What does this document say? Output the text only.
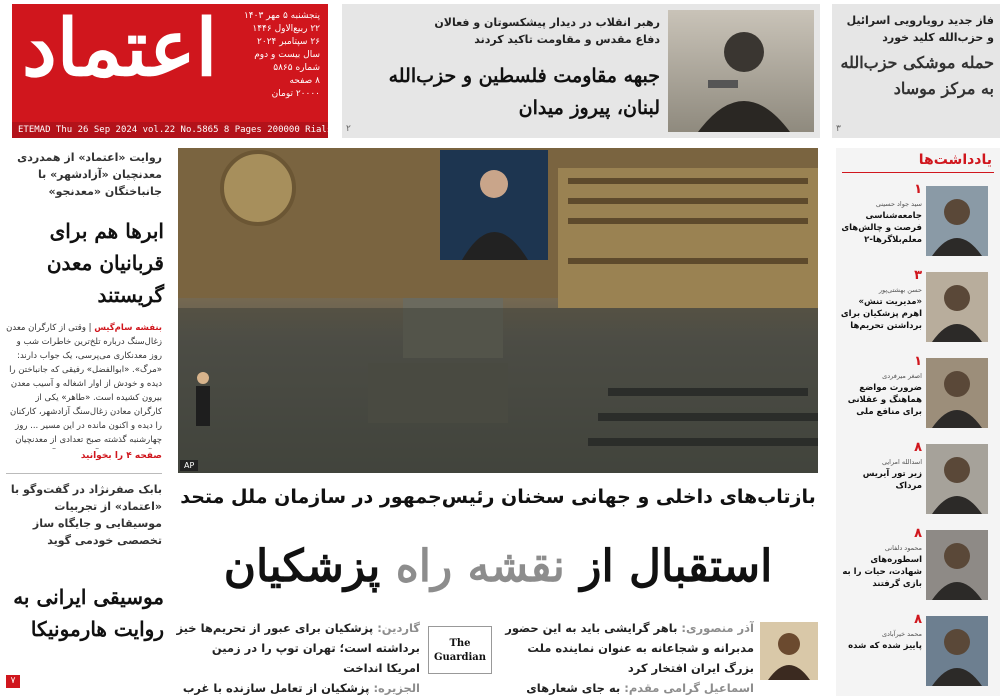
اعتماد	پنجشنبه ۵ مهر ۱۴۰۳
۲۲ ربیع‌الاول ۱۴۴۶
۲۶ سپتامبر ۲۰۲۴
سال بیست و دوم
شماره ۵۸۶۵
۸ صفحه
۲۰۰۰۰ تومان
ETEMAD Thu 26 Sep 2024 vol.22 No.5865 8 Pages 200000 Rials
رهبر انقلاب در دیدار پیشکسوتان و فعالان دفاع مقدس و مقاومت تاکید کردند
جبهه مقاومت فلسطین و حزب‌الله لبنان، پیروز میدان
۲
فاز جدید رویارویی اسرائیل و حزب‌الله کلید خورد
حمله موشکی حزب‌الله به مرکز موساد
۳
روایت «اعتماد» از همدردی معدنچیان «آزادشهر» با جانباختگان «معدنجو»
ابرها هم برای قربانیان معدن گریستند
بنفشه سام‌گیس | وقتی از کارگران معدن زغال‌سنگ درباره تلخ‌ترین خاطرات شب و روز معدنکاری می‌پرسی، یک جواب دارند: «مرگ». «ابوالفضل» رفیقی که جانباختن را دیده و خودش از اوار اشغاله و آسیب معدن بیرون کشیده است. «طاهر» یکی از کارگران معادن زغال‌سنگ آزادشهر، کارکنان را دیده و اکنون مانده در این مسیر ... روز چهارشنبه گذشته صبح تعدادی از معدنچیان
صفحه ۴ را بخوانید
بابک صفرنژاد در گفت‌وگو با «اعتماد» از تجربیات موسیقایی و جایگاه ساز تخصصی خودمی گوید
موسیقی ایرانی به روایت هارمونیکا
۷
AP
بازتاب‌های داخلی و جهانی سخنان رئیس‌جمهور در سازمان ملل متحد
استقبال از نقشه راه پزشکیان
The Guardian
گاردین: پزشکیان برای عبور از تحریم‌ها خیز برداشته است؛ تهران توپ را در زمین امریکا انداخت
الجزیره: پزشکیان از تعامل سازنده با غرب
آذر منصوری: باهر گرایشی باید به این حضور مدبرانه و شجاعانه به عنوان نماینده ملت بزرگ ایران افتخار کرد
اسماعیل گرامی مقدم: به جای شعارهای
یادداشت‌ها
۱
سید جواد حسینی
جامعه‌شناسی فرصت و چالش‌های معلم‌بلاگرها-۲
۳
حسن بهشتی‌پور
«مدیریت تنش» اهرم پزشکیان برای برداشتن تحریم‌ها
۱
اصغر میرفردی
ضرورت مواضع هماهنگ و عقلانی برای منافع ملی
۸
اسدالله امرایی
زیر تور آیریس مرداک
۸
محمود دلفانی
اسطوره‌های شهادت، حیات را به بازی گرفتند
۸
محمد خیرآبادی
پاییز شده که شده
